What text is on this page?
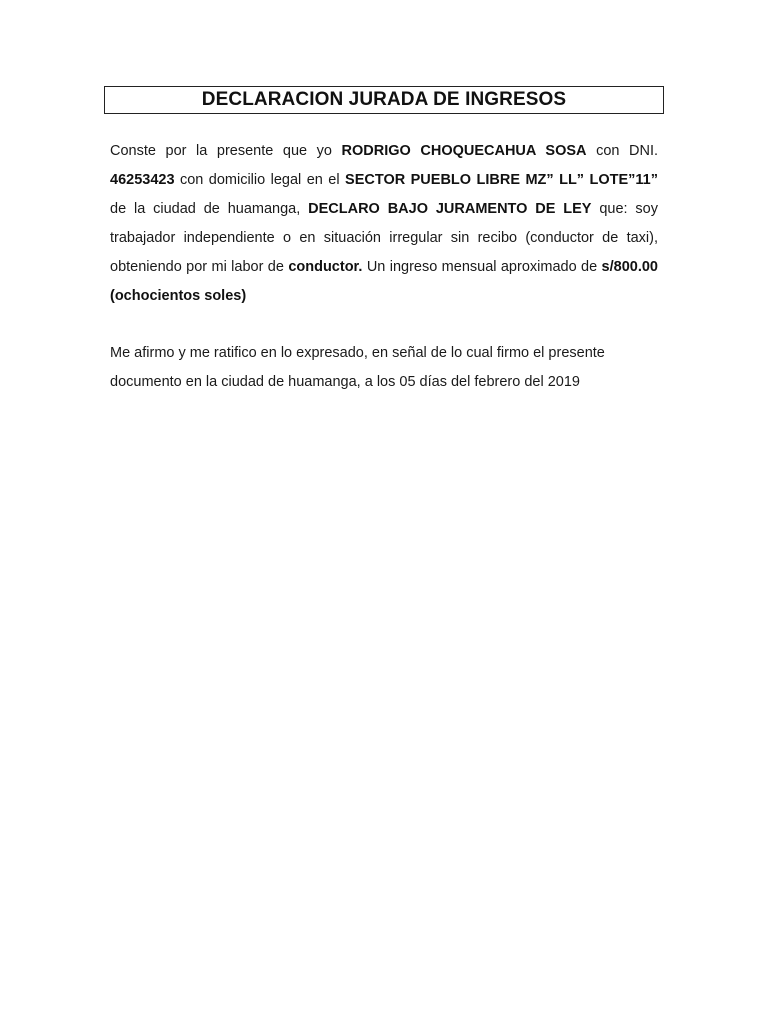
DECLARACION JURADA DE INGRESOS

Conste por la presente que yo RODRIGO CHOQUECAHUA SOSA con DNI. 46253423 con domicilio legal en el SECTOR PUEBLO LIBRE MZ” LL” LOTE”11” de la ciudad de huamanga, DECLARO BAJO JURAMENTO DE LEY que: soy trabajador independiente o en situación irregular sin recibo (conductor de taxi), obteniendo por mi labor de conductor. Un ingreso mensual aproximado de s/800.00 (ochocientos soles)

Me afirmo y me ratifico en lo expresado, en señal de lo cual firmo el presente
documento en la ciudad de huamanga, a los 05 días del febrero del 2019
